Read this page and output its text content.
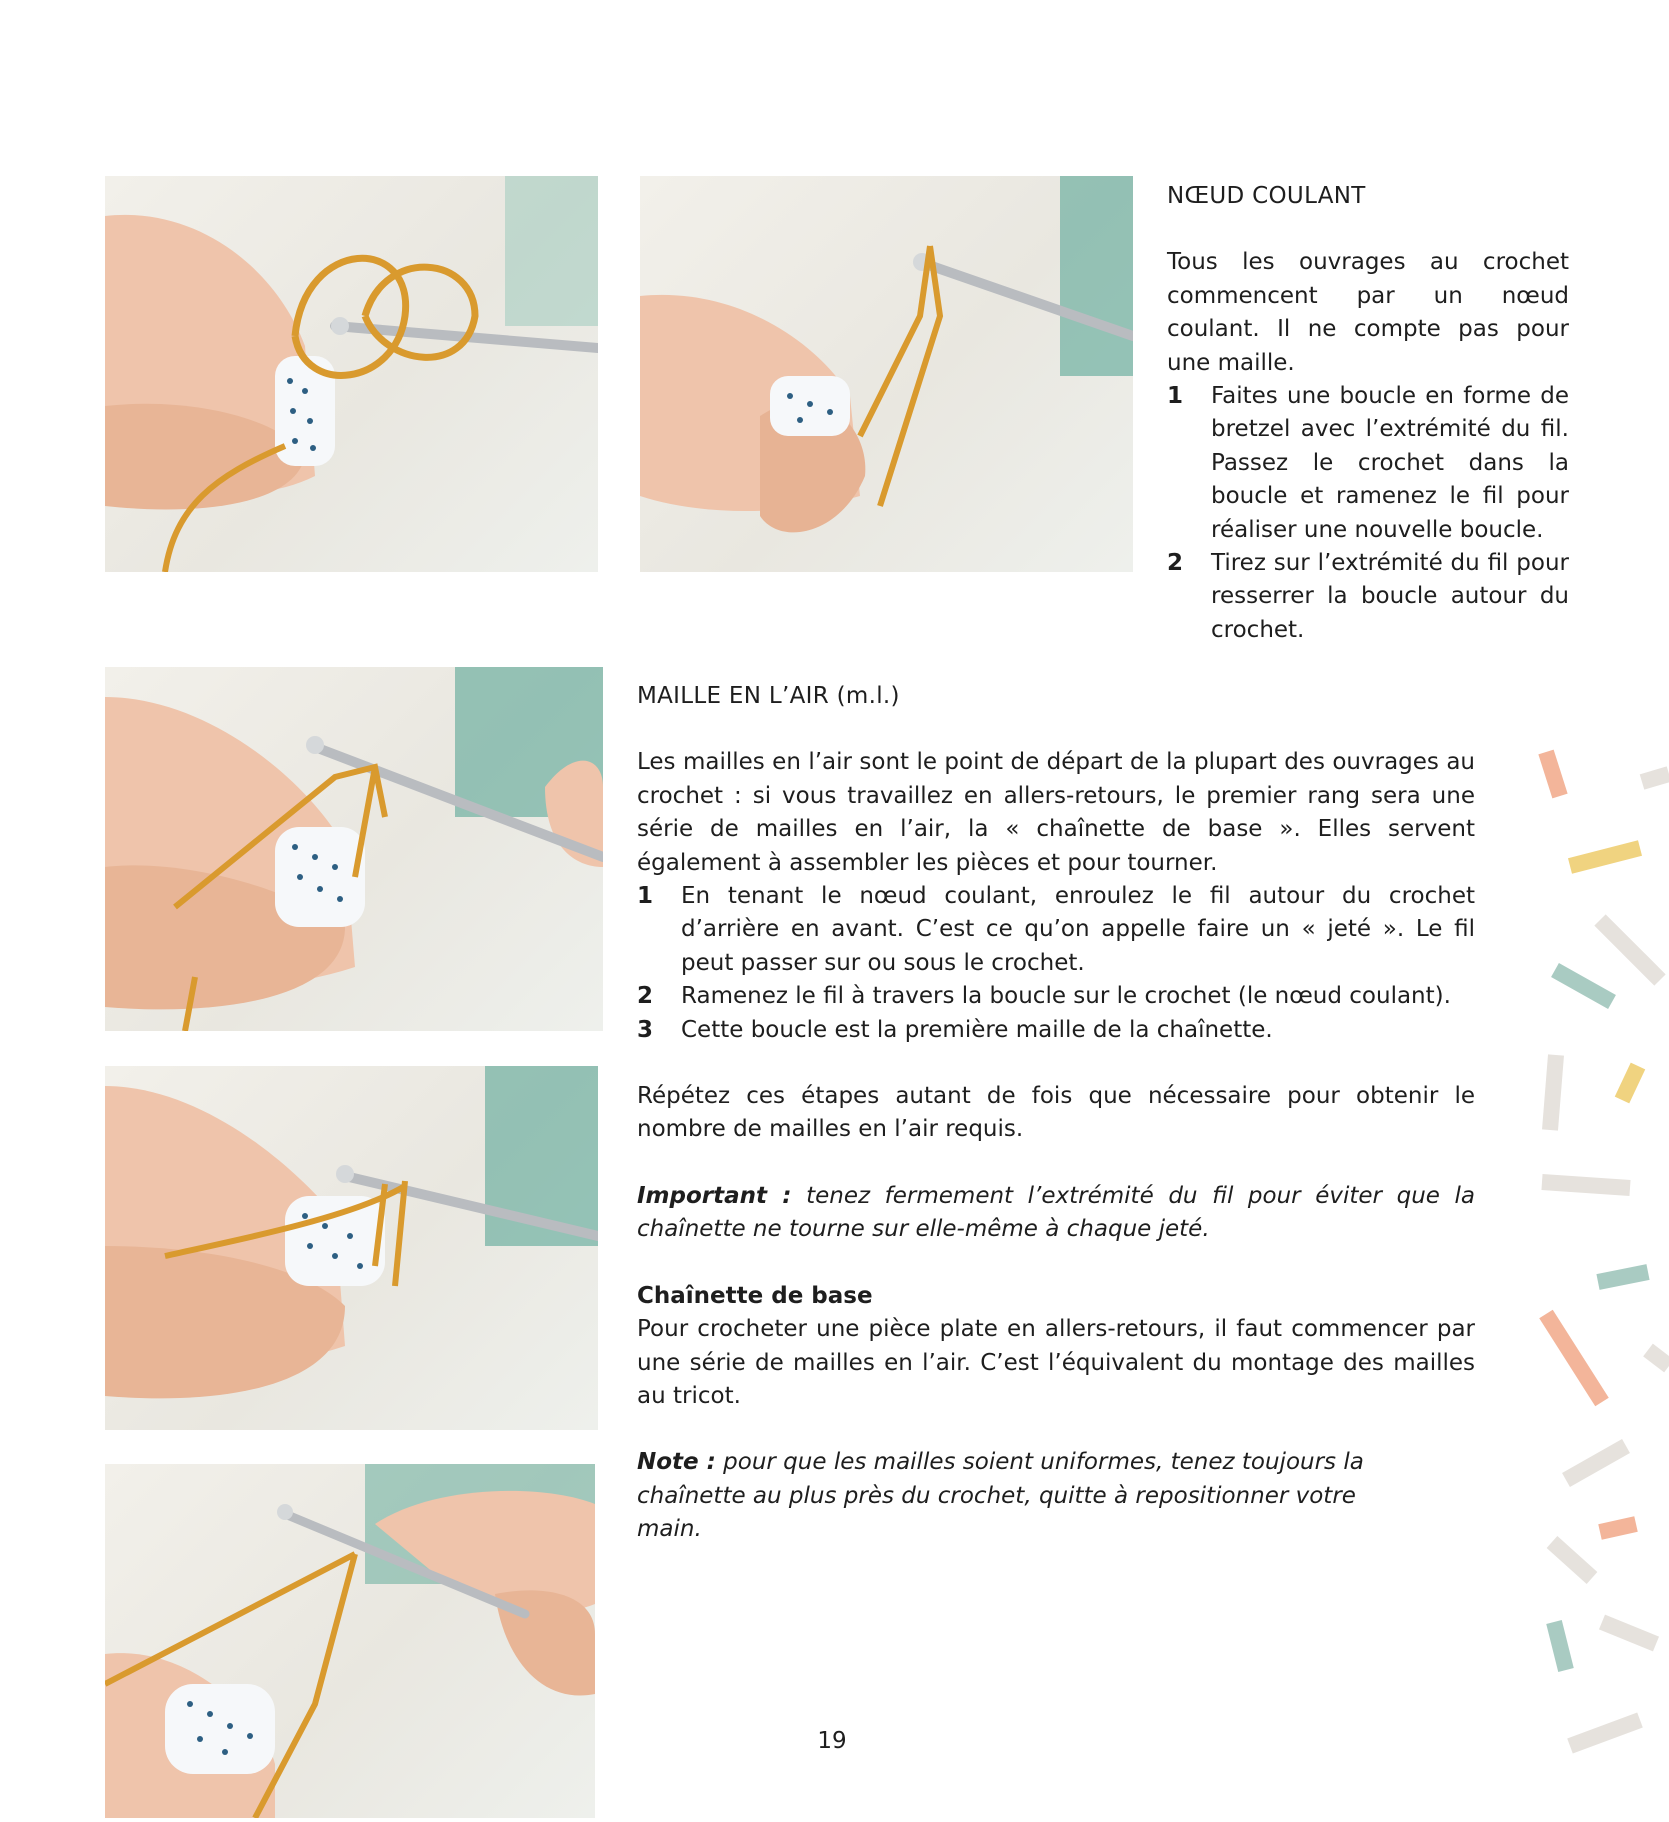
NŒUD COULANT

Tous les ouvrages au crochet commencent par un nœud coulant. Il ne compte pas pour une maille.

1 Faites une boucle en forme de bretzel avec l’extrémité du fil. Passez le crochet dans la boucle et ramenez le fil pour réaliser une nouvelle boucle.
2 Tirez sur l’extrémité du fil pour resserrer la boucle autour du crochet.
MAILLE EN L’AIR (m.l.)

Les mailles en l’air sont le point de départ de la plupart des ouvrages au crochet : si vous travaillez en allers-retours, le premier rang sera une série de mailles en l’air, la « chaînette de base ». Elles servent également à assembler les pièces et pour tourner.

1 En tenant le nœud coulant, enroulez le fil autour du crochet d’arrière en avant. C’est ce qu’on appelle faire un « jeté ». Le fil peut passer sur ou sous le crochet.
2 Ramenez le fil à travers la boucle sur le crochet (le nœud coulant).
3 Cette boucle est la première maille de la chaînette.

Répétez ces étapes autant de fois que nécessaire pour obtenir le nombre de mailles en l’air requis.

Important : tenez fermement l’extrémité du fil pour éviter que la chaînette ne tourne sur elle-même à chaque jeté.

Chaînette de base

Pour crocheter une pièce plate en allers-retours, il faut commencer par une série de mailles en l’air. C’est l’équivalent du montage des mailles au tricot.

Note : pour que les mailles soient uniformes, tenez toujours la chaînette au plus près du crochet, quitte à repositionner votre main.

19
